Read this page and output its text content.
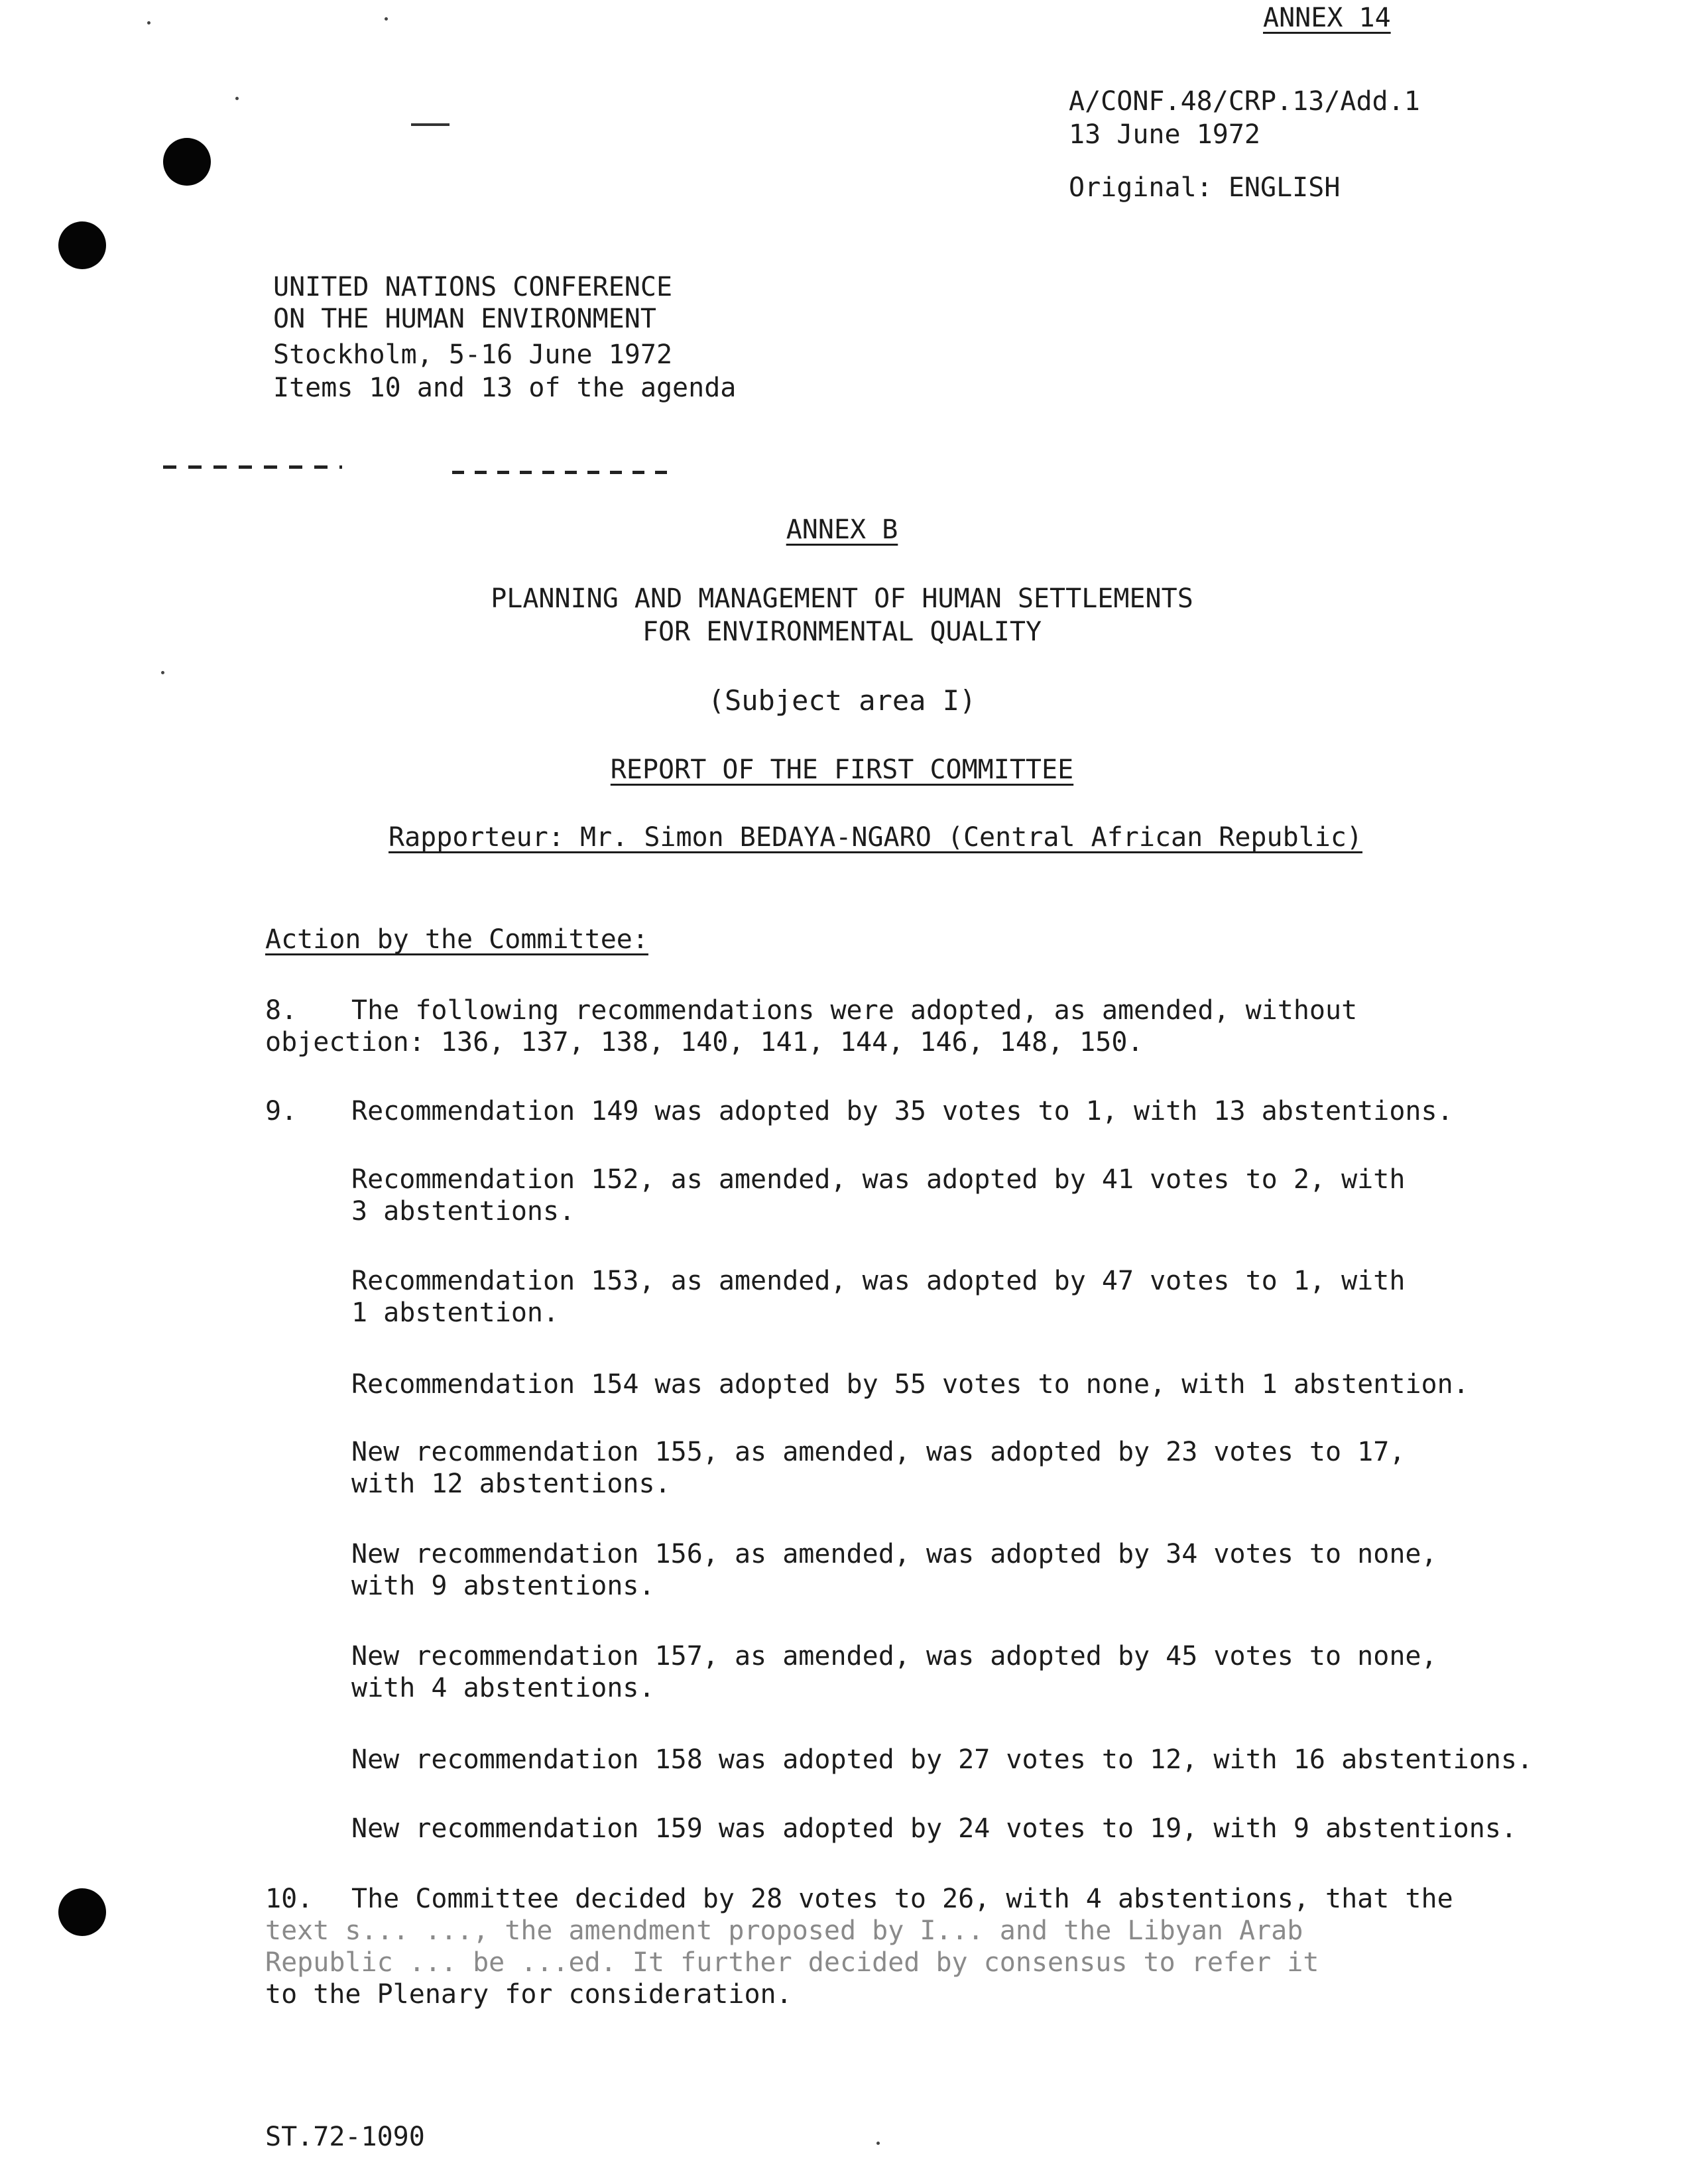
ANNEX 14
A/CONF.48/CRP.13/Add.1
13 June 1972
Original: ENGLISH
UNITED NATIONS CONFERENCE
ON THE HUMAN ENVIRONMENT
Stockholm, 5-16 June 1972
Items 10 and 13 of the agenda
ANNEX B
PLANNING AND MANAGEMENT OF HUMAN SETTLEMENTS
FOR ENVIRONMENTAL QUALITY
(Subject area I)
REPORT OF THE FIRST COMMITTEE
Rapporteur: Mr. Simon BEDAYA-NGARO (Central African Republic)
Action by the Committee:
8. The following recommendations were adopted, as amended, without
objection: 136, 137, 138, 140, 141, 144, 146, 148, 150.
9. Recommendation 149 was adopted by 35 votes to 1, with 13 abstentions.
Recommendation 152, as amended, was adopted by 41 votes to 2, with
3 abstentions.
Recommendation 153, as amended, was adopted by 47 votes to 1, with
1 abstention.
Recommendation 154 was adopted by 55 votes to none, with 1 abstention.
New recommendation 155, as amended, was adopted by 23 votes to 17,
with 12 abstentions.
New recommendation 156, as amended, was adopted by 34 votes to none,
with 9 abstentions.
New recommendation 157, as amended, was adopted by 45 votes to none,
with 4 abstentions.
New recommendation 158 was adopted by 27 votes to 12, with 16 abstentions.
New recommendation 159 was adopted by 24 votes to 19, with 9 abstentions.
10. The Committee decided by 28 votes to 26, with 4 abstentions, that the
text s... ..., the amendment proposed by I... and the Libyan Arab
Republic ... be ...ed. It further decided by consensus to refer it
to the Plenary for consideration.
ST.72-1090
